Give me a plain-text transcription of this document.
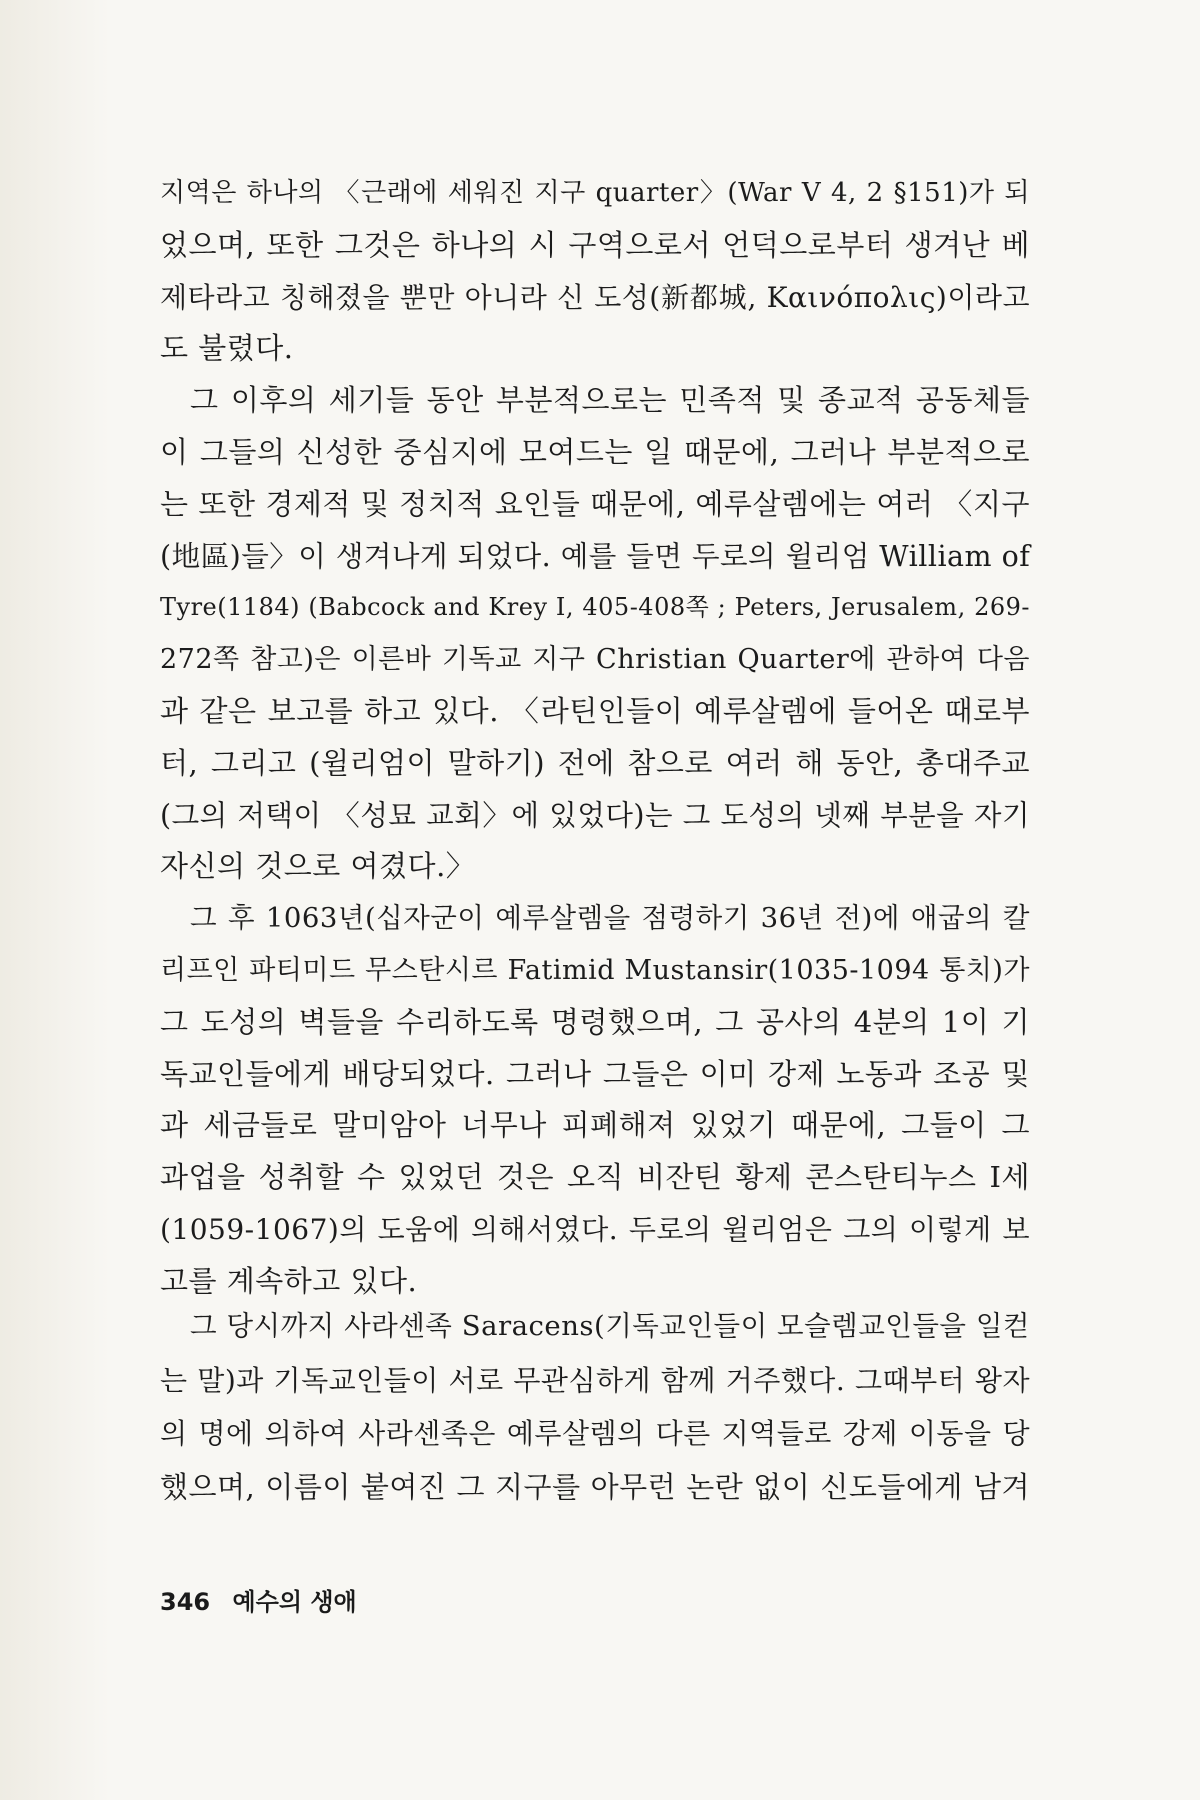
지역은 하나의 〈근래에 세워진 지구 quarter〉(War V 4, 2 §151)가 되
었으며, 또한 그것은 하나의 시 구역으로서 언덕으로부터 생겨난 베
제타라고 칭해졌을 뿐만 아니라 신 도성(新都城, Καινόπολις)이라고
도 불렸다.
그 이후의 세기들 동안 부분적으로는 민족적 및 종교적 공동체들
이 그들의 신성한 중심지에 모여드는 일 때문에, 그러나 부분적으로
는 또한 경제적 및 정치적 요인들 때문에, 예루살렘에는 여러 〈지구
(地區)들〉이 생겨나게 되었다. 예를 들면 두로의 윌리엄 William of
Tyre(1184) (Babcock and Krey I, 405-408쪽 ; Peters, Jerusalem, 269-
272쪽 참고)은 이른바 기독교 지구 Christian Quarter에 관하여 다음
과 같은 보고를 하고 있다. 〈라틴인들이 예루살렘에 들어온 때로부
터, 그리고 (윌리엄이 말하기) 전에 참으로 여러 해 동안, 총대주교
(그의 저택이 〈성묘 교회〉에 있었다)는 그 도성의 넷째 부분을 자기
자신의 것으로 여겼다.〉
그 후 1063년(십자군이 예루살렘을 점령하기 36년 전)에 애굽의 칼
리프인 파티미드 무스탄시르 Fatimid Mustansir(1035-1094 통치)가
그 도성의 벽들을 수리하도록 명령했으며, 그 공사의 4분의 1이 기
독교인들에게 배당되었다. 그러나 그들은 이미 강제 노동과 조공 및
과 세금들로 말미암아 너무나 피폐해져 있었기 때문에, 그들이 그
과업을 성취할 수 있었던 것은 오직 비잔틴 황제 콘스탄티누스 I세
(1059-1067)의 도움에 의해서였다. 두로의 윌리엄은 그의 이렇게 보
고를 계속하고 있다.
그 당시까지 사라센족 Saracens(기독교인들이 모슬렘교인들을 일컫
는 말)과 기독교인들이 서로 무관심하게 함께 거주했다. 그때부터 왕자
의 명에 의하여 사라센족은 예루살렘의 다른 지역들로 강제 이동을 당
했으며, 이름이 붙여진 그 지구를 아무런 논란 없이 신도들에게 남겨
346 예수의 생애
